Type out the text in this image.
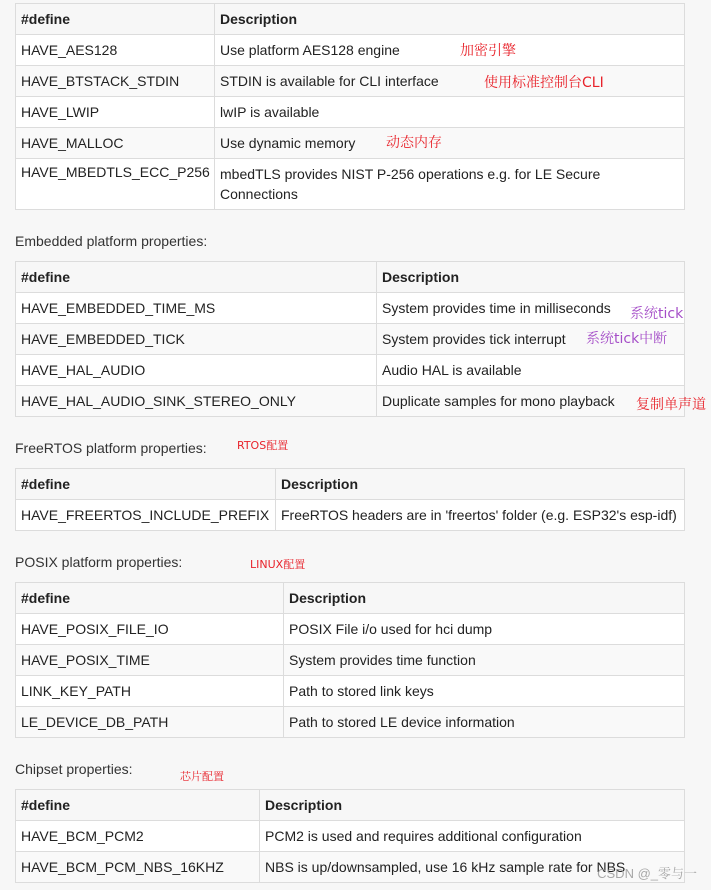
#define	Description
HAVE_AES128	Use platform AES128 engine
HAVE_BTSTACK_STDIN	STDIN is available for CLI interface
HAVE_LWIP	lwIP is available
HAVE_MALLOC	Use dynamic memory
HAVE_MBEDTLS_ECC_P256	mbedTLS provides NIST P-256 operations e.g. for LE Secure Connections
Embedded platform properties:
#define	Description
HAVE_EMBEDDED_TIME_MS	System provides time in milliseconds
HAVE_EMBEDDED_TICK	System provides tick interrupt
HAVE_HAL_AUDIO	Audio HAL is available
HAVE_HAL_AUDIO_SINK_STEREO_ONLY	Duplicate samples for mono playback
FreeRTOS platform properties:
#define	Description
HAVE_FREERTOS_INCLUDE_PREFIX	FreeRTOS headers are in 'freertos' folder (e.g. ESP32's esp-idf)
POSIX platform properties:
#define	Description
HAVE_POSIX_FILE_IO	POSIX File i/o used for hci dump
HAVE_POSIX_TIME	System provides time function
LINK_KEY_PATH	Path to stored link keys
LE_DEVICE_DB_PATH	Path to stored LE device information
Chipset properties:
#define	Description
HAVE_BCM_PCM2	PCM2 is used and requires additional configuration
HAVE_BCM_PCM_NBS_16KHZ	NBS is up/downsampled, use 16 kHz sample rate for NBS
加密引擎
使用标准控制台CLI
动态内存
系统tick
系统tick中断
复制单声道
RTOS配置
LINUX配置
芯片配置
CSDN @_零与一
